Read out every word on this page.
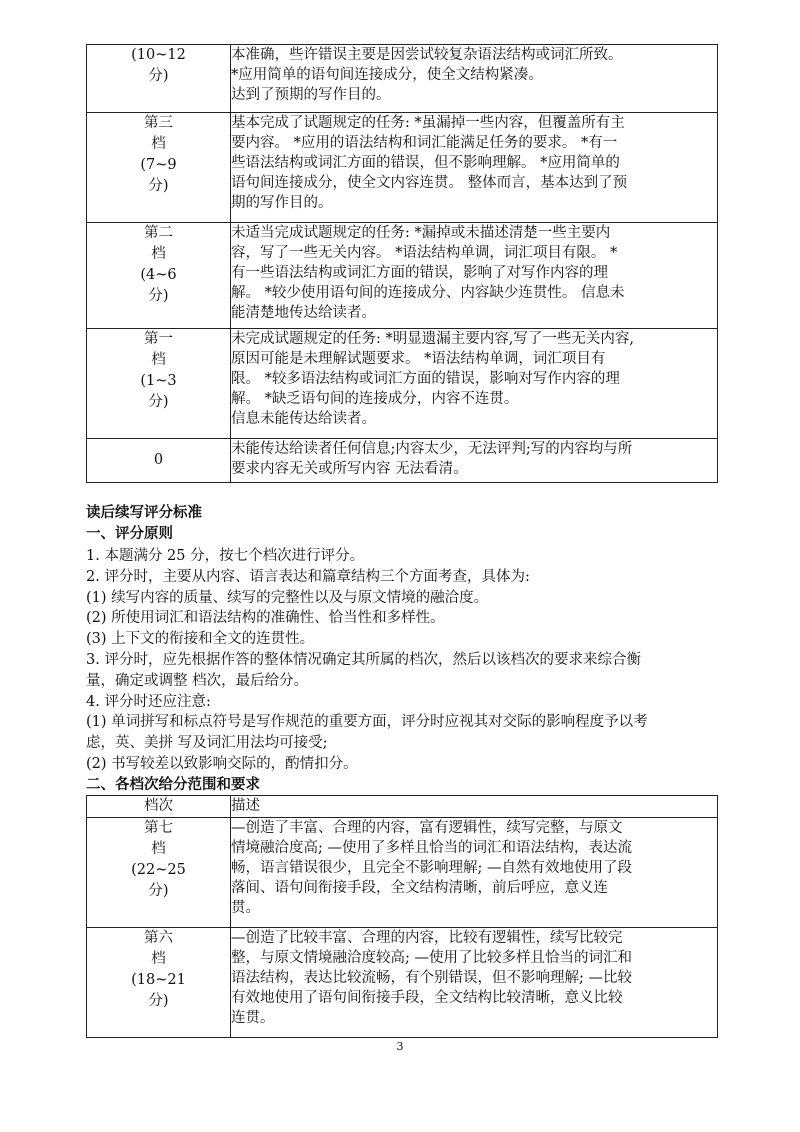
(10~12
分)	本准确，些许错误主要是因尝试较复杂语法结构或词汇所致。
*应用简单的语句间连接成分，使全文结构紧凑。
达到了预期的写作目的。

第三
档
(7~9
分)	基本完成了试题规定的任务: *虽漏掉一些内容，但覆盖所有主
要内容。 *应用的语法结构和词汇能满足任务的要求。 *有一
些语法结构或词汇方面的错误，但不影响理解。 *应用简单的
语句间连接成分，使全文内容连贯。 整体而言，基本达到了预
期的写作目的。

第二
档
(4~6
分)	未适当完成试题规定的任务: *漏掉或未描述清楚一些主要内
容，写了一些无关内容。 *语法结构单调，词汇项目有限。 *
有一些语法结构或词汇方面的错误，影响了对写作内容的理
解。 *较少使用语句间的连接成分、内容缺少连贯性。 信息未
能清楚地传达给读者。

第一
档
(1~3
分)	未完成试题规定的任务: *明显遗漏主要内容,写了一些无关内容,
原因可能是未理解试题要求。 *语法结构单调，词汇项目有
限。 *较多语法结构或词汇方面的错误，影响对写作内容的理
解。 *缺乏语句间的连接成分，内容不连贯。
信息未能传达给读者。

0	未能传达给读者任何信息;内容太少，无法评判;写的内容均与所
要求内容无关或所写内容 无法看清。
读后续写评分标准
一、评分原则
1. 本题满分 25 分，按七个档次进行评分。
2. 评分时，主要从内容、语言表达和篇章结构三个方面考查，具体为:
(1) 续写内容的质量、续写的完整性以及与原文情境的融洽度。
(2) 所使用词汇和语法结构的准确性、恰当性和多样性。
(3) 上下文的衔接和全文的连贯性。
3. 评分时，应先根据作答的整体情况确定其所属的档次，然后以该档次的要求来综合衡
量，确定或调整 档次，最后给分。
4. 评分时还应注意:
(1) 单词拼写和标点符号是写作规范的重要方面，评分时应视其对交际的影响程度予以考
虑，英、美拼 写及词汇用法均可接受;
(2) 书写较差以致影响交际的，酌情扣分。
二、各档次给分范围和要求
档次	描述

第七
档
(22~25
分)	—创造了丰富、合理的内容，富有逻辑性，续写完整，与原文
情境融洽度高; —使用了多样且恰当的词汇和语法结构，表达流
畅，语言错误很少，且完全不影响理解; —自然有效地使用了段
落间、语句间衔接手段，全文结构清晰，前后呼应，意义连
贯。

第六
档
(18~21
分)	—创造了比较丰富、合理的内容，比较有逻辑性，续写比较完
整，与原文情境融洽度较高; —使用了比较多样且恰当的词汇和
语法结构，表达比较流畅，有个别错误，但不影响理解; —比较
有效地使用了语句间衔接手段，全文结构比较清晰，意义比较
连贯。
3
